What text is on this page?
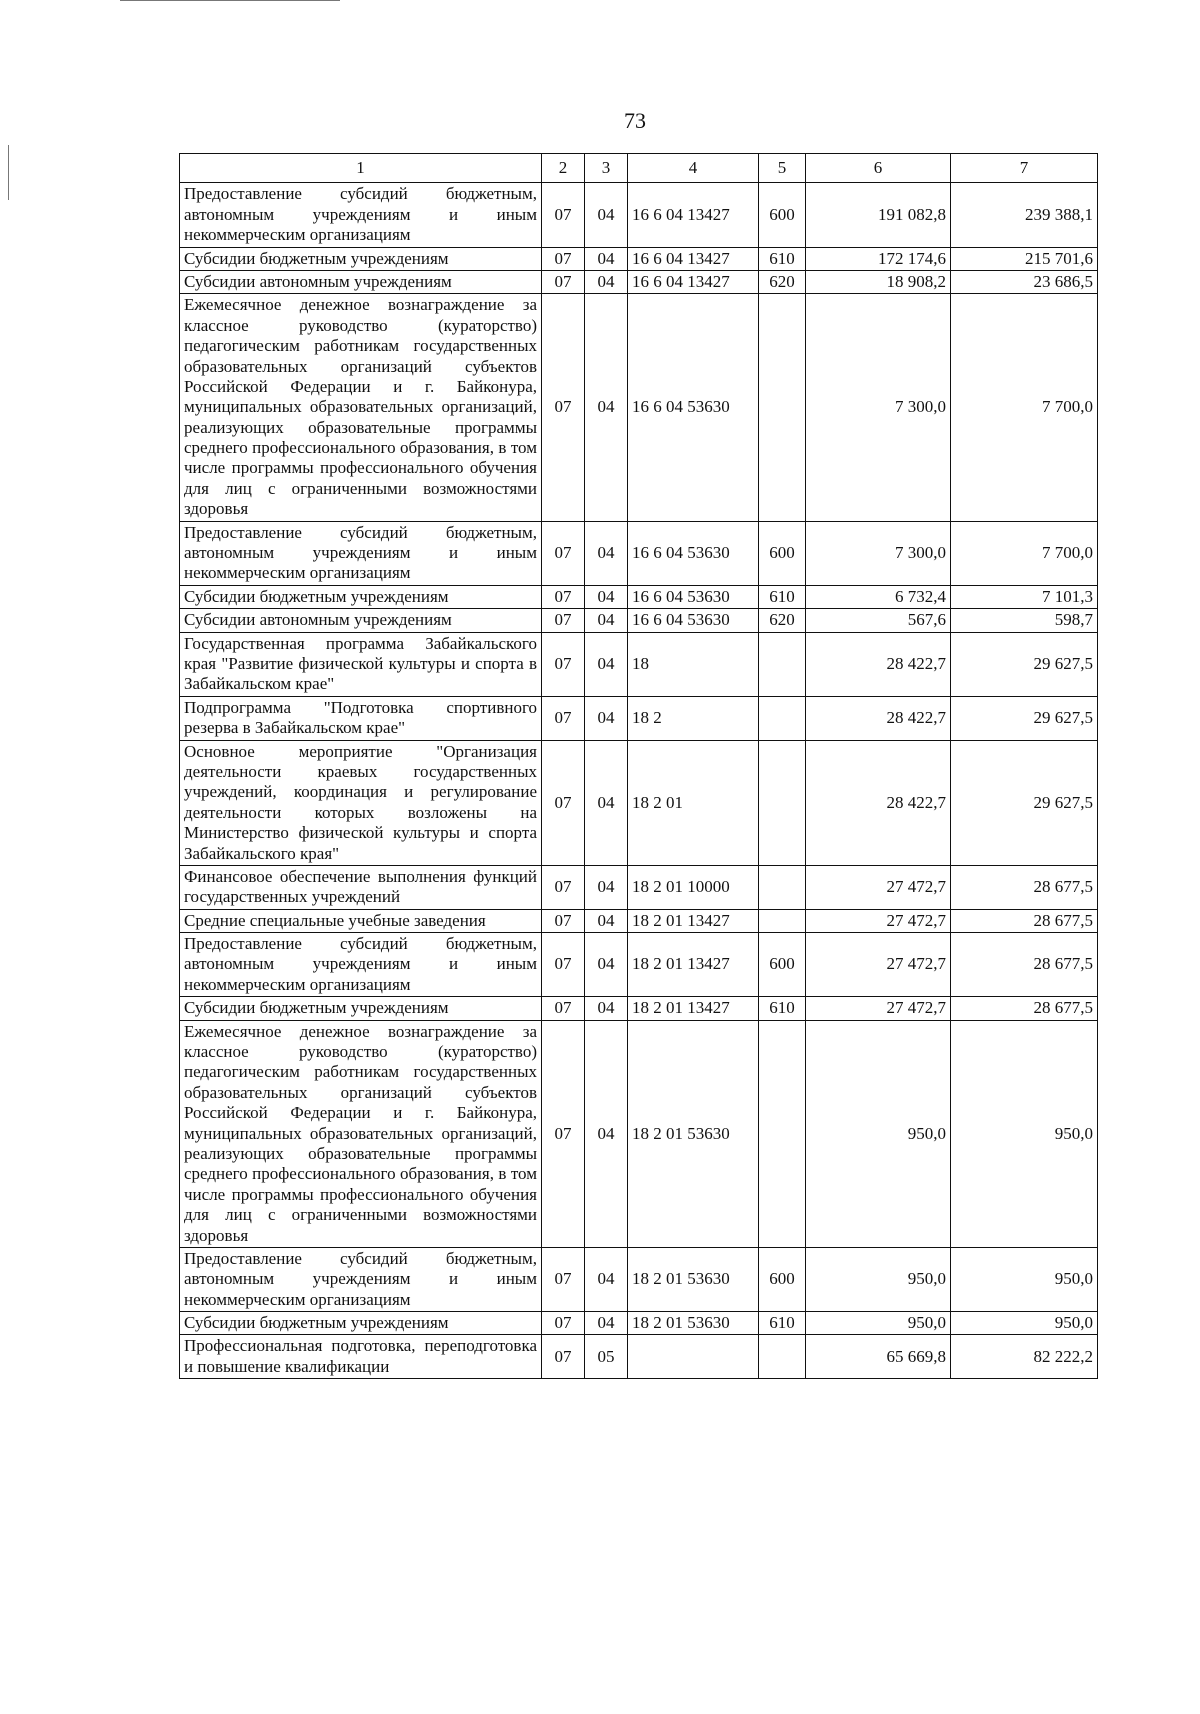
73
1	2	3	4	5	6	7
Предоставление субсидий бюджетным, автономным учреждениям и иным некоммерческим организациям	07	04	16 6 04 13427	600	191 082,8	239 388,1
Субсидии бюджетным учреждениям	07	04	16 6 04 13427	610	172 174,6	215 701,6
Субсидии автономным учреждениям	07	04	16 6 04 13427	620	18 908,2	23 686,5
Ежемесячное денежное вознаграждение за классное руководство (кураторство) педагогическим работникам государственных образовательных организаций субъектов Российской Федерации и г. Байконура, муниципальных образовательных организаций, реализующих образовательные программы среднего профессионального образования, в том числе программы профессионального обучения для лиц с ограниченными возможностями здоровья	07	04	16 6 04 53630		7 300,0	7 700,0
Предоставление субсидий бюджетным, автономным учреждениям и иным некоммерческим организациям	07	04	16 6 04 53630	600	7 300,0	7 700,0
Субсидии бюджетным учреждениям	07	04	16 6 04 53630	610	6 732,4	7 101,3
Субсидии автономным учреждениям	07	04	16 6 04 53630	620	567,6	598,7
Государственная программа Забайкальского края "Развитие физической культуры и спорта в Забайкальском крае"	07	04	18		28 422,7	29 627,5
Подпрограмма "Подготовка спортивного резерва в Забайкальском крае"	07	04	18 2		28 422,7	29 627,5
Основное мероприятие "Организация деятельности краевых государственных учреждений, координация и регулирование деятельности которых возложены на Министерство физической культуры и спорта Забайкальского края"	07	04	18 2 01		28 422,7	29 627,5
Финансовое обеспечение выполнения функций государственных учреждений	07	04	18 2 01 10000		27 472,7	28 677,5
Средние специальные учебные заведения	07	04	18 2 01 13427		27 472,7	28 677,5
Предоставление субсидий бюджетным, автономным учреждениям и иным некоммерческим организациям	07	04	18 2 01 13427	600	27 472,7	28 677,5
Субсидии бюджетным учреждениям	07	04	18 2 01 13427	610	27 472,7	28 677,5
Ежемесячное денежное вознаграждение за классное руководство (кураторство) педагогическим работникам государственных образовательных организаций субъектов Российской Федерации и г. Байконура, муниципальных образовательных организаций, реализующих образовательные программы среднего профессионального образования, в том числе программы профессионального обучения для лиц с ограниченными возможностями здоровья	07	04	18 2 01 53630		950,0	950,0
Предоставление субсидий бюджетным, автономным учреждениям и иным некоммерческим организациям	07	04	18 2 01 53630	600	950,0	950,0
Субсидии бюджетным учреждениям	07	04	18 2 01 53630	610	950,0	950,0
Профессиональная подготовка, переподготовка и повышение квалификации	07	05			65 669,8	82 222,2
